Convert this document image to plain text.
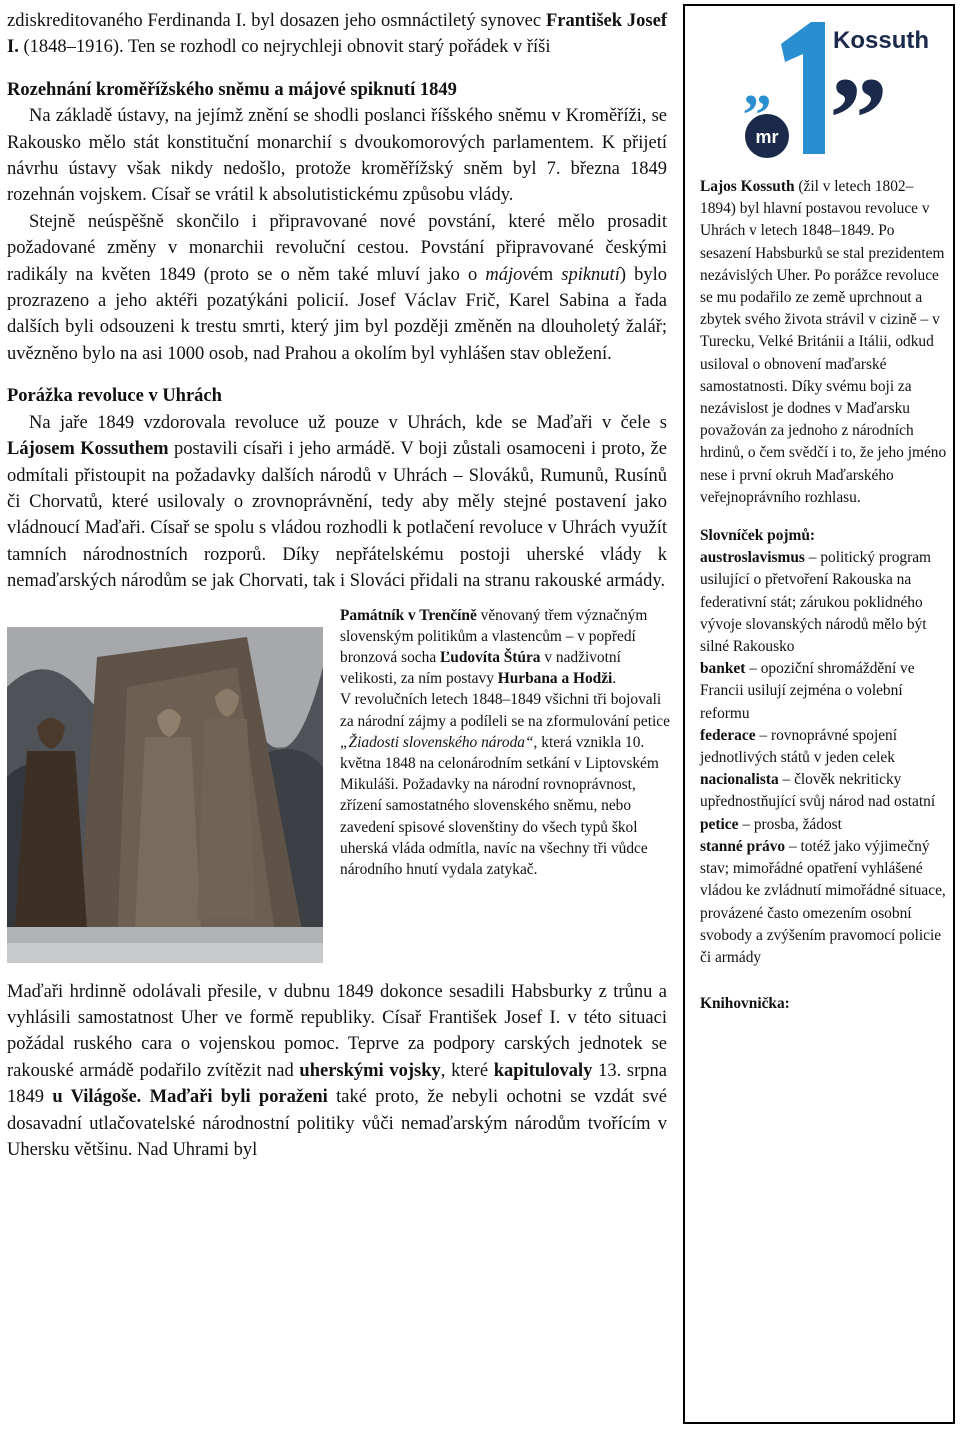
zdiskreditovaného Ferdinanda I. byl dosazen jeho osmnáctiletý synovec František Josef I. (1848–1916). Ten se rozhodl co nejrychleji obnovit starý pořádek v říši

Rozehnání kroměřížského sněmu a májové spiknutí 1849

Na základě ústavy, na jejímž znění se shodli poslanci říšského sněmu v Kroměříži, se Rakousko mělo stát konstituční monarchií s dvoukomorových parlamentem. K přijetí návrhu ústavy však nikdy nedošlo, protože kroměřížský sněm byl 7. března 1849 rozehnán vojskem. Císař se vrátil k absolutistickému způsobu vlády.

Stejně neúspěšně skončilo i připravované nové povstání, které mělo prosadit požadované změny v monarchii revoluční cestou. Povstání připravované českými radikály na květen 1849 (proto se o něm také mluví jako o májovém spiknutí) bylo prozrazeno a jeho aktéři pozatýkáni policií. Josef Václav Frič, Karel Sabina a řada dalších byli odsouzeni k trestu smrti, který jim byl později změněn na dlouholetý žalář; uvězněno bylo na asi 1000 osob, nad Prahou a okolím byl vyhlášen stav obležení.

Porážka revoluce v Uhrách

Na jaře 1849 vzdorovala revoluce už pouze v Uhrách, kde se Maďaři v čele s Lájosem Kossuthem postavili císaři i jeho armádě. V boji zůstali osamoceni i proto, že odmítali přistoupit na požadavky dalších národů v Uhrách – Slováků, Rumunů, Rusínů či Chorvatů, které usilovaly o zrovnoprávnění, tedy aby měly stejné postavení jako vládnoucí Maďaři. Císař se spolu s vládou rozhodli k potlačení revoluce v Uhrách využít tamních národnostních rozporů. Díky nepřátelskému postoji uherské vlády k nemaďarských národům se jak Chorvati, tak i Slováci přidali na stranu rakouské armády.

Památník v Trenčíně věnovaný třem význačným slovenským politikům a vlastencům – v popředí bronzová socha Ľudovíta Štúra v nadživotní velikosti, za ním postavy Hurbana a Hodži.

V revolučních letech 1848–1849 všichni tři bojovali za národní zájmy a podíleli se na zformulování petice „Žiadosti slovenského národa“, která vznikla 10. května 1848 na celonárodním setkání v Liptovském Mikuláši. Požadavky na národní rovnoprávnost, zřízení samostatného slovenského sněmu, nebo zavedení spisové slovenštiny do všech typů škol uherská vláda odmítla, navíc na všechny tři vůdce národního hnutí vydala zatykač.

Maďaři hrdinně odolávali přesile, v dubnu 1849 dokonce sesadili Habsburky z trůnu a vyhlásili samostatnost Uher ve formě republiky. Císař František Josef I. v této situaci požádal ruského cara o vojenskou pomoc. Teprve za podpory carských jednotek se rakouské armádě podařilo zvítězit nad uherskými vojsky, které kapitulovaly 13. srpna 1849 u Világoše. Maďaři byli poraženi také proto, že nebyli ochotni se vzdát své dosavadní utlačovatelské národnostní politiky vůči nemaďarským národům tvořícím v Uhersku většinu. Nad Uhrami byl

„
Kossuth
”
mr

Lajos Kossuth (žil v letech 1802–1894) byl hlavní postavou revoluce v Uhrách v letech 1848–1849. Po sesazení Habsburků se stal prezidentem nezávislých Uher. Po porážce revoluce se mu podařilo ze země uprchnout a zbytek svého života strávil v cizině – v Turecku, Velké Británii a Itálii, odkud usiloval o obnovení maďarské samostatnosti. Díky svému boji za nezávislost je dodnes v Maďarsku považován za jednoho z národních hrdinů, o čem svědčí i to, že jeho jméno nese i první okruh Maďarského veřejnoprávního rozhlasu.

Slovníček pojmů:

austroslavismus – politický program usilující o přetvoření Rakouska na federativní stát; zárukou poklidného vývoje slovanských národů mělo být silné Rakousko

banket – opoziční shromáždění ve Francii usilují zejména o volební reformu

federace – rovnoprávné spojení jednotlivých států v jeden celek

nacionalista – člověk nekriticky upřednostňující svůj národ nad ostatní

petice – prosba, žádost

stanné právo – totéž jako výjimečný stav; mimořádné opatření vyhlášené vládou ke zvládnutí mimořádné situace, provázené často omezením osobní svobody a zvýšením pravomocí policie či armády

Knihovnička:
